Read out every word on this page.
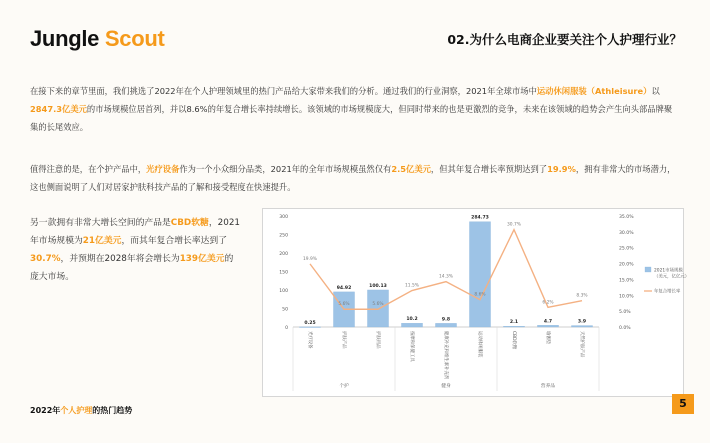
Jungle Scout	02.为什么电商企业要关注个人护理行业？
在接下来的章节里面，我们挑选了2022年在个人护理领域里的热门产品给大家带来我们的分析。通过我们的行业洞察，2021年全球市场中运动休闲服装（Athleisure）以2847.3亿美元的市场规模位居首列，并以8.6%的年复合增长率持续增长。该领域的市场规模庞大，但同时带来的也是更激烈的竞争，未来在该领域的趋势会产生向头部品牌聚集的长尾效应。
值得注意的是，在个护产品中，光疗设备作为一个小众细分品类，2021年的全年市场规模虽然仅有2.5亿美元，但其年复合增长率预期达到了19.9%，拥有非常大的市场潜力，这也侧面说明了人们对居家护肤科技产品的了解和接受程度在快速提升。
另一款拥有非常大增长空间的产品是CBD软糖，2021年市场规模为21亿美元，而其年复合增长率达到了30.7%，并预期在2028年将会增长为139亿美元的庞大市场。
0
50
100
150
200
250
300
0.0%
5.0%
10.0%
15.0%
20.0%
25.0%
30.0%
35.0%
0.25
94.92	100.13
10.2	9.8
284.73
2.1	4.7	3.9
19.9%
5.6%	5.6%
11.5%
14.3%
8.6%
30.7%
6.2%
8.3%
光疗设备	护肤产品	护肤用品	按摩和保健工具	健康补充和维生素补充剂	运动休闲服装	CBD软糖	瑜伽垫	天然护肤产品
个护	健身	营养品
2021市场规模
（美元，亿亿元）
年复合增长率
2022年个人护理的热门趋势
5
